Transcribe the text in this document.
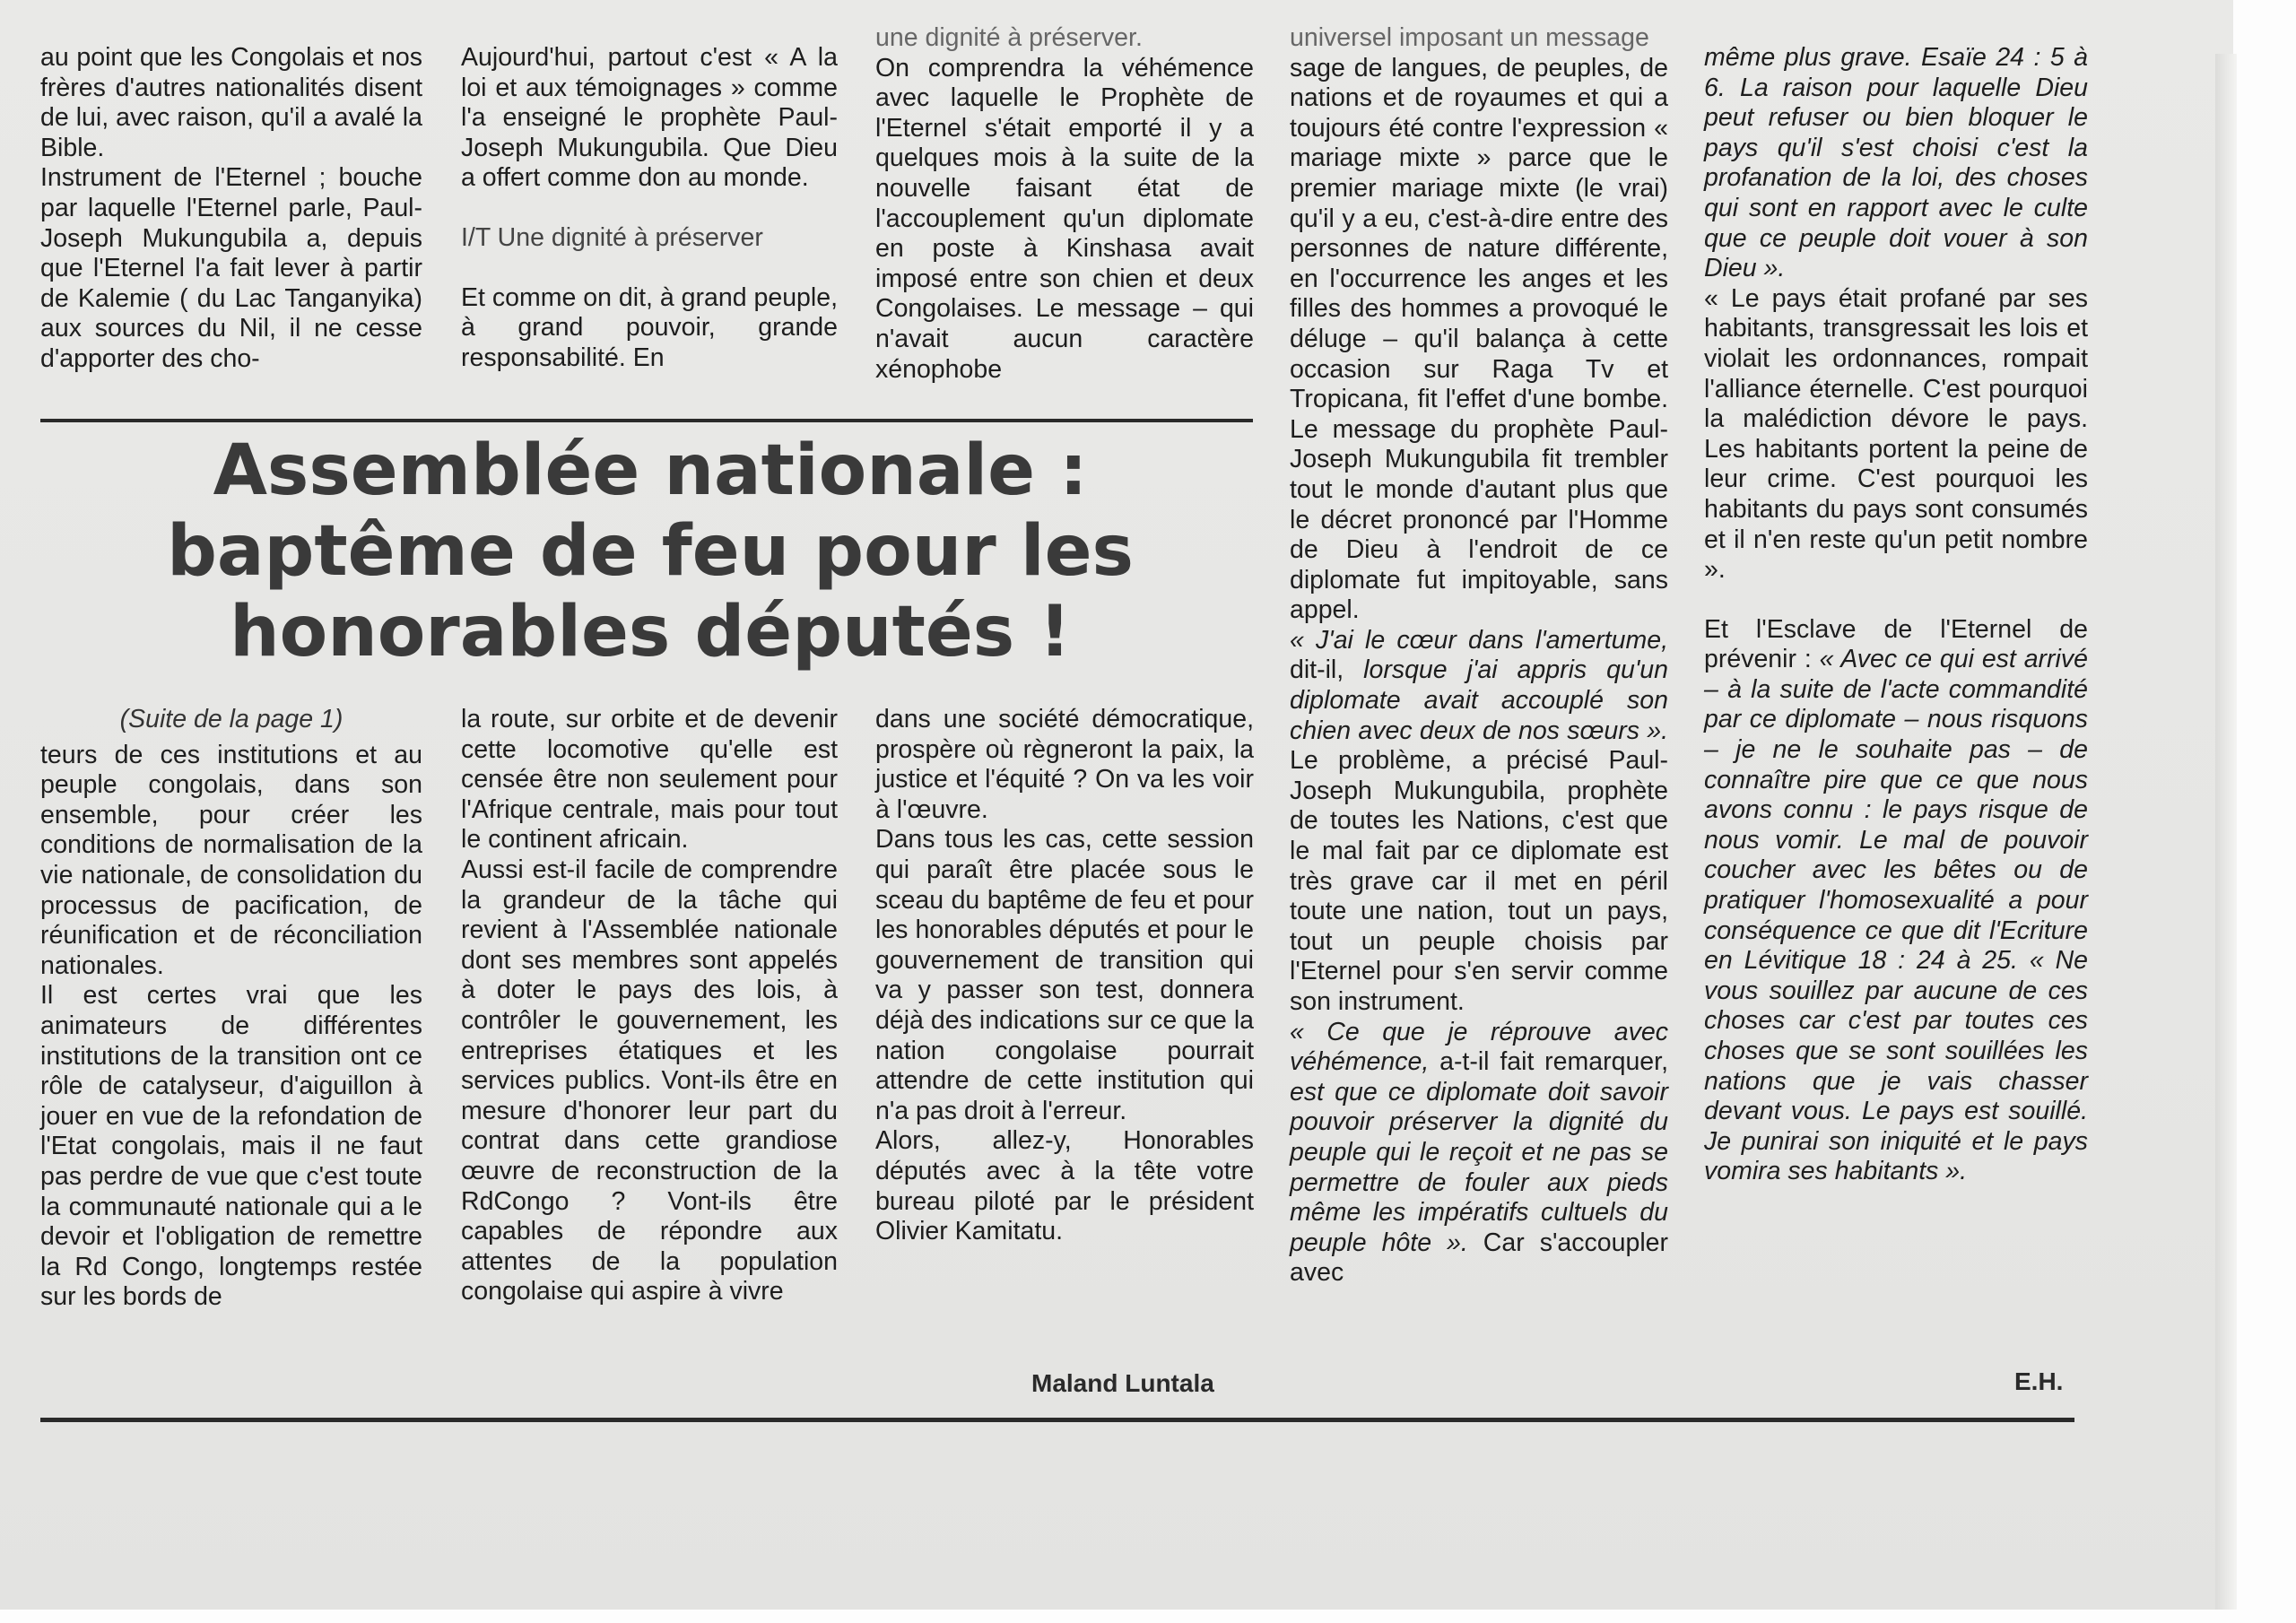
au point que les Congolais et nos frères d'autres nationalités disent de lui, avec raison, qu'il a avalé la Bible.

Instrument de l'Eternel ; bouche par laquelle l'Eternel parle, Paul-Joseph Mukungubila a, depuis que l'Eternel l'a fait lever à partir de Kalemie ( du Lac Tanganyika) aux sources du Nil, il ne cesse d'apporter des cho-

Aujourd'hui, partout c'est « A la loi et aux témoignages » comme l'a enseigné le prophète Paul-Joseph Mukungubila. Que Dieu a offert comme don au monde.

I/T Une dignité à préserver

Et comme on dit, à grand peuple, à grand pouvoir, grande responsabilité. En

une dignité à préserver.

On comprendra la véhémence avec laquelle le Prophète de l'Eternel s'était emporté il y a quelques mois à la suite de la nouvelle faisant état de l'accouplement qu'un diplomate en poste à Kinshasa avait imposé entre son chien et deux Congolaises. Le message – qui n'avait aucun caractère xénophobe

universel imposant un message

sage de langues, de peuples, de nations et de royaumes et qui a toujours été contre l'expression « mariage mixte » parce que le premier mariage mixte (le vrai) qu'il y a eu, c'est-à-dire entre des personnes de nature différente, en l'occurrence les anges et les filles des hommes a provoqué le déluge – qu'il balança à cette occasion sur Raga Tv et Tropicana, fit l'effet d'une bombe. Le message du prophète Paul-Joseph Mukungubila fit trembler tout le monde d'autant plus que le décret prononcé par l'Homme de Dieu à l'endroit de ce diplomate fut impitoyable, sans appel.
« J'ai le cœur dans l'amertume, dit-il, lorsque j'ai appris qu'un diplomate avait accouplé son chien avec deux de nos sœurs ». Le problème, a précisé Paul-Joseph Mukungubila, prophète de toutes les Nations, c'est que le mal fait par ce diplomate est très grave car il met en péril toute une nation, tout un pays, tout un peuple choisis par l'Eternel pour s'en servir comme son instrument.
« Ce que je réprouve avec véhémence, a-t-il fait remarquer, est que ce diplomate doit savoir pouvoir préserver la dignité du peuple qui le reçoit et ne pas se permettre de fouler aux pieds même les impératifs cultuels du peuple hôte ». Car s'accoupler avec

même plus grave. Esaïe 24 : 5 à 6. La raison pour laquelle Dieu peut refuser ou bien bloquer le pays qu'il s'est choisi c'est la profanation de la loi, des choses qui sont en rapport avec le culte que ce peuple doit vouer à son Dieu ».

« Le pays était profané par ses habitants, transgressait les lois et violait les ordonnances, rompait l'alliance éternelle. C'est pourquoi la malédiction dévore le pays. Les habitants portent la peine de leur crime. C'est pourquoi les habitants du pays sont consumés et il n'en reste qu'un petit nombre ».

Et l'Esclave de l'Eternel de prévenir : « Avec ce qui est arrivé – à la suite de l'acte commandité par ce diplomate – nous risquons – je ne le souhaite pas – de connaître pire que ce que nous avons connu : le pays risque de nous vomir. Le mal de pouvoir coucher avec les bêtes ou de pratiquer l'homosexualité a pour conséquence ce que dit l'Ecriture en Lévitique 18 : 24 à 25. « Ne vous souillez par aucune de ces choses car c'est par toutes ces choses que se sont souillées les nations que je vais chasser devant vous. Le pays est souillé. Je punirai son iniquité et le pays vomira ses habitants ».

Assemblée nationale :
baptême de feu pour les
honorables députés !

(Suite de la page 1)

teurs de ces institutions et au peuple congolais, dans son ensemble, pour créer les conditions de normalisation de la vie nationale, de consolidation du processus de pacification, de réunification et de réconciliation nationales.

Il est certes vrai que les animateurs de différentes institutions de la transition ont ce rôle de catalyseur, d'aiguillon à jouer en vue de la refondation de l'Etat congolais, mais il ne faut pas perdre de vue que c'est toute la communauté nationale qui a le devoir et l'obligation de remettre la Rd Congo, longtemps restée sur les bords de

la route, sur orbite et de devenir cette locomotive qu'elle est censée être non seulement pour l'Afrique centrale, mais pour tout le continent africain.

Aussi est-il facile de comprendre la grandeur de la tâche qui revient à l'Assemblée nationale dont ses membres sont appelés à doter le pays des lois, à contrôler le gouvernement, les entreprises étatiques et les services publics. Vont-ils être en mesure d'honorer leur part du contrat dans cette grandiose œuvre de reconstruction de la RdCongo ? Vont-ils être capables de répondre aux attentes de la population congolaise qui aspire à vivre

dans une société démocratique, prospère où règneront la paix, la justice et l'équité ? On va les voir à l'œuvre.

Dans tous les cas, cette session qui paraît être placée sous le sceau du baptême de feu et pour les honorables députés et pour le gouvernement de transition qui va y passer son test, donnera déjà des indications sur ce que la nation congolaise pourrait attendre de cette institution qui n'a pas droit à l'erreur.

Alors, allez-y, Honorables députés avec à la tête votre bureau piloté par le président Olivier Kamitatu.

Maland Luntala	E.H.
